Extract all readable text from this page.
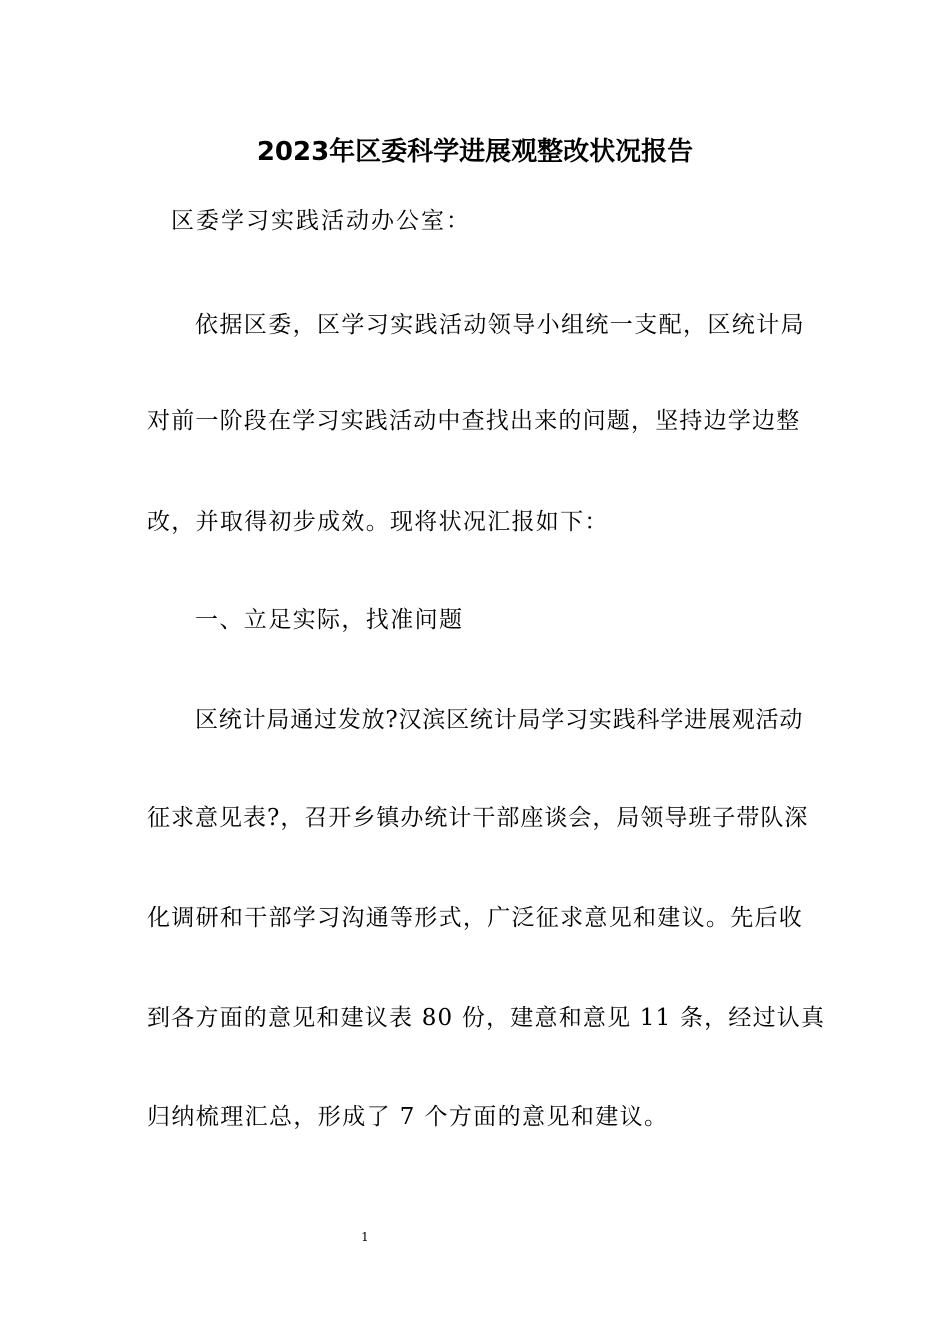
2023年区委科学进展观整改状况报告
区委学习实践活动办公室：
依据区委，区学习实践活动领导小组统一支配，区统计局
对前一阶段在学习实践活动中查找出来的问题，坚持边学边整
改，并取得初步成效。现将状况汇报如下：
一、立足实际，找准问题
区统计局通过发放?汉滨区统计局学习实践科学进展观活动
征求意见表?，召开乡镇办统计干部座谈会，局领导班子带队深
化调研和干部学习沟通等形式，广泛征求意见和建议。先后收
到各方面的意见和建议表 80 份，建意和意见 11 条，经过认真
归纳梳理汇总，形成了 7 个方面的意见和建议。
1
